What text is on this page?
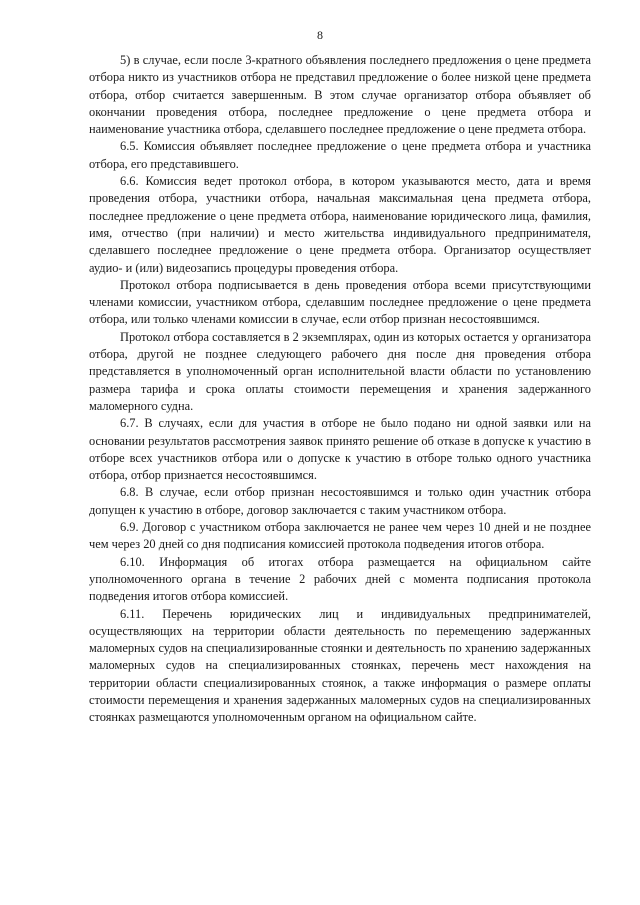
8

5) в случае, если после 3-кратного объявления последнего предложения о цене предмета отбора никто из участников отбора не представил предложение о более низкой цене предмета отбора, отбор считается завершенным. В этом случае организатор отбора объявляет об окончании проведения отбора, последнее предложение о цене предмета отбора и наименование участника отбора, сделавшего последнее предложение о цене предмета отбора.

6.5. Комиссия объявляет последнее предложение о цене предмета отбора и участника отбора, его представившего.

6.6. Комиссия ведет протокол отбора, в котором указываются место, дата и время проведения отбора, участники отбора, начальная максимальная цена предмета отбора, последнее предложение о цене предмета отбора, наименование юридического лица, фамилия, имя, отчество (при наличии) и место жительства индивидуального предпринимателя, сделавшего последнее предложение о цене предмета отбора. Организатор осуществляет аудио- и (или) видеозапись процедуры проведения отбора.

Протокол отбора подписывается в день проведения отбора всеми присутствующими членами комиссии, участником отбора, сделавшим последнее предложение о цене предмета отбора, или только членами комиссии в случае, если отбор признан несостоявшимся.

Протокол отбора составляется в 2 экземплярах, один из которых остается у организатора отбора, другой не позднее следующего рабочего дня после дня проведения отбора представляется в уполномоченный орган исполнительной власти области по установлению размера тарифа и срока оплаты стоимости перемещения и хранения задержанного маломерного судна.

6.7. В случаях, если для участия в отборе не было подано ни одной заявки или на основании результатов рассмотрения заявок принято решение об отказе в допуске к участию в отборе всех участников отбора или о допуске к участию в отборе только одного участника отбора, отбор признается несостоявшимся.

6.8. В случае, если отбор признан несостоявшимся и только один участник отбора допущен к участию в отборе, договор заключается с таким участником отбора.

6.9. Договор с участником отбора заключается не ранее чем через 10 дней и не позднее чем через 20 дней со дня подписания комиссией протокола подведения итогов отбора.

6.10. Информация об итогах отбора размещается на официальном сайте уполномоченного органа в течение 2 рабочих дней с момента подписания протокола подведения итогов отбора комиссией.

6.11. Перечень юридических лиц и индивидуальных предпринимателей, осуществляющих на территории области деятельность по перемещению задержанных маломерных судов на специализированные стоянки и деятельность по хранению задержанных маломерных судов на специализированных стоянках, перечень мест нахождения на территории области специализированных стоянок, а также информация о размере оплаты стоимости перемещения и хранения задержанных маломерных судов на специализированных стоянках размещаются уполномоченным органом на официальном сайте.
